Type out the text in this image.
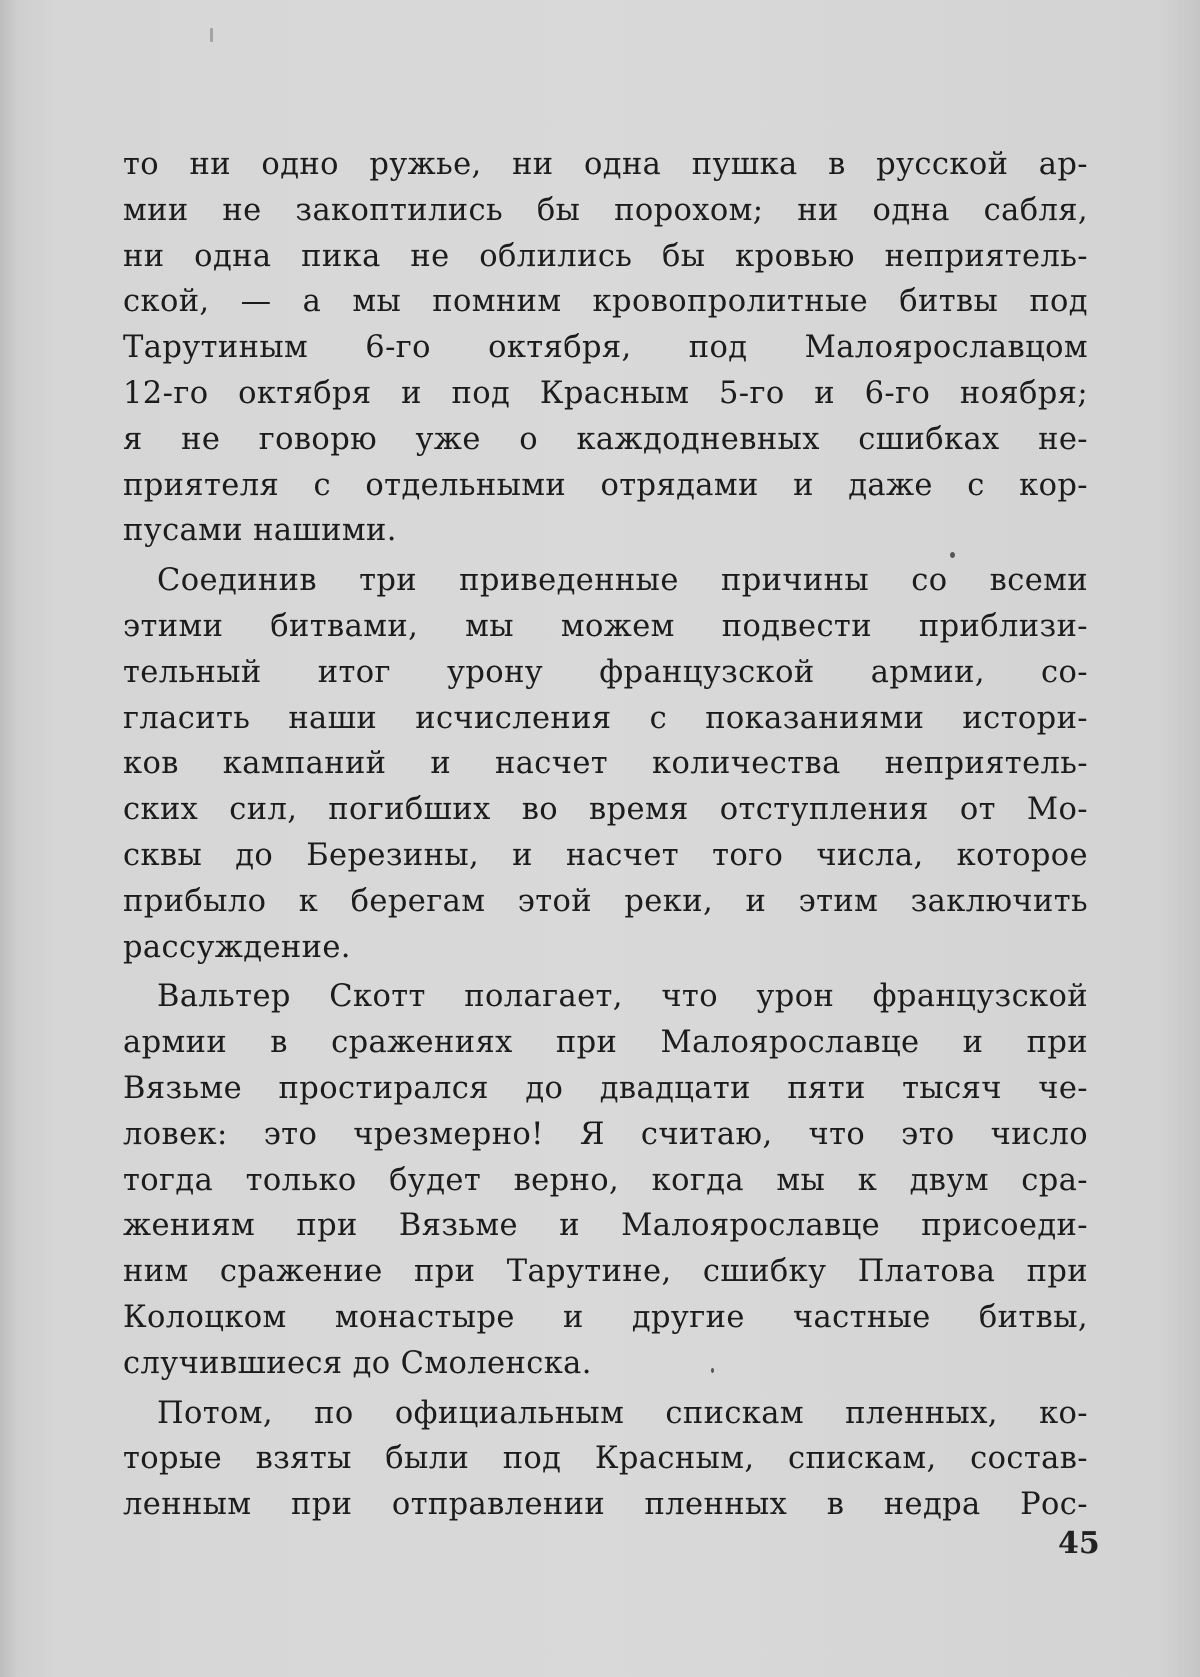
то ни одно ружье, ни одна пушка в русской ар-
мии не закоптились бы порохом; ни одна сабля,
ни одна пика не облились бы кровью неприятель-
ской, — а мы помним кровопролитные битвы под
Тарутиным 6-го октября, под Малоярославцом
12-го октября и под Красным 5-го и 6-го ноября;
я не говорю уже о каждодневных сшибках не-
приятеля с отдельными отрядами и даже с кор-
пусами нашими.
Соединив три приведенные причины со всеми
этими битвами, мы можем подвести приблизи-
тельный итог урону французской армии, со-
гласить наши исчисления с показаниями истори-
ков кампаний и насчет количества неприятель-
ских сил, погибших во время отступления от Мо-
сквы до Березины, и насчет того числа, которое
прибыло к берегам этой реки, и этим заключить
рассуждение.
Вальтер Скотт полагает, что урон французской
армии в сражениях при Малоярославце и при
Вязьме простирался до двадцати пяти тысяч че-
ловек: это чрезмерно! Я считаю, что это число
тогда только будет верно, когда мы к двум сра-
жениям при Вязьме и Малоярославце присоеди-
ним сражение при Тарутине, сшибку Платова при
Колоцком монастыре и другие частные битвы,
случившиеся до Смоленска.
Потом, по официальным спискам пленных, ко-
торые взяты были под Красным, спискам, состав-
ленным при отправлении пленных в недра Рос-
45
